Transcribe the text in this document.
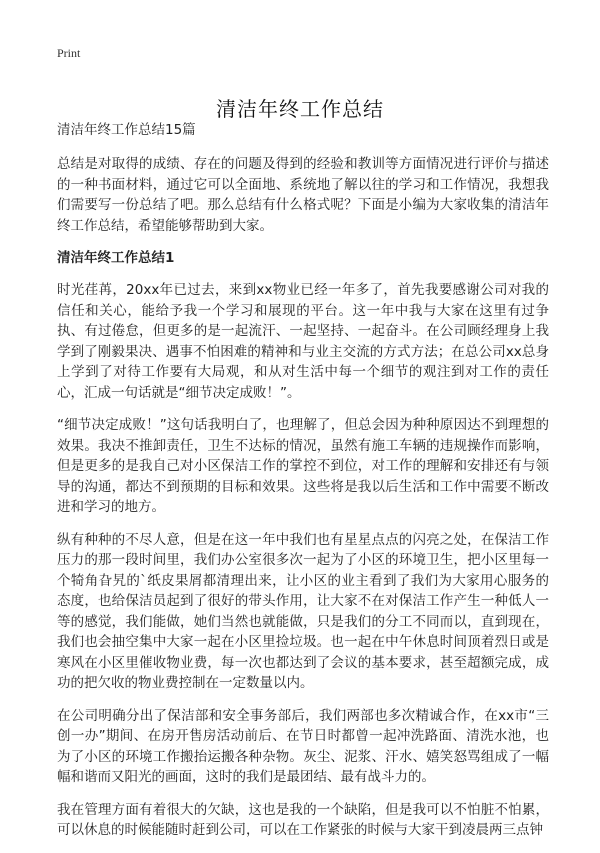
Print
清洁年终工作总结

清洁年终工作总结15篇

总结是对取得的成绩、存在的问题及得到的经验和教训等方面情况进行评价与描述的一种书面材料，通过它可以全面地、系统地了解以往的学习和工作情况，我想我们需要写一份总结了吧。那么总结有什么格式呢？下面是小编为大家收集的清洁年终工作总结，希望能够帮助到大家。

清洁年终工作总结1

时光荏苒，20xx年已过去，来到xx物业已经一年多了，首先我要感谢公司对我的信任和关心，能给予我一个学习和展现的平台。这一年中我与大家在这里有过争执、有过倦怠，但更多的是一起流汗、一起坚持、一起奋斗。在公司顾经理身上我学到了刚毅果决、遇事不怕困难的精神和与业主交流的方式方法；在总公司xx总身上学到了对待工作要有大局观，和从对生活中每一个细节的观注到对工作的责任心，汇成一句话就是“细节决定成败！”。

“细节决定成败！”这句话我明白了，也理解了，但总会因为种种原因达不到理想的效果。我决不推卸责任，卫生不达标的情况，虽然有施工车辆的违规操作而影响，但是更多的是我自己对小区保洁工作的掌控不到位，对工作的理解和安排还有与领导的沟通，都达不到预期的目标和效果。这些将是我以后生活和工作中需要不断改进和学习的地方。

纵有种种的不尽人意，但是在这一年中我们也有星星点点的闪亮之处，在保洁工作压力的那一段时间里，我们办公室很多次一起为了小区的环境卫生，把小区里每一个犄角旮旯的`纸皮果屑都清理出来，让小区的业主看到了我们为大家用心服务的态度，也给保洁员起到了很好的带头作用，让大家不在对保洁工作产生一种低人一等的感觉，我们能做，她们当然也就能做，只是我们的分工不同而以，直到现在，我们也会抽空集中大家一起在小区里捡垃圾。也一起在中午休息时间顶着烈日或是寒风在小区里催收物业费，每一次也都达到了会议的基本要求，甚至超额完成，成功的把欠收的物业费控制在一定数量以内。

在公司明确分出了保洁部和安全事务部后，我们两部也多次精诚合作，在xx市“三创一办”期间、在房开售房活动前后、在节日时都曾一起冲洗路面、清洗水池，也为了小区的环境工作搬抬运搬各种杂物。灰尘、泥浆、汗水、嬉笑怒骂组成了一幅幅和谐而又阳光的画面，这时的我们是最团结、最有战斗力的。

我在管理方面有着很大的欠缺，这也是我的一个缺陷，但是我可以不怕脏不怕累，可以休息的时候能随时赶到公司，可以在工作紧张的时候与大家干到凌晨两三点钟
